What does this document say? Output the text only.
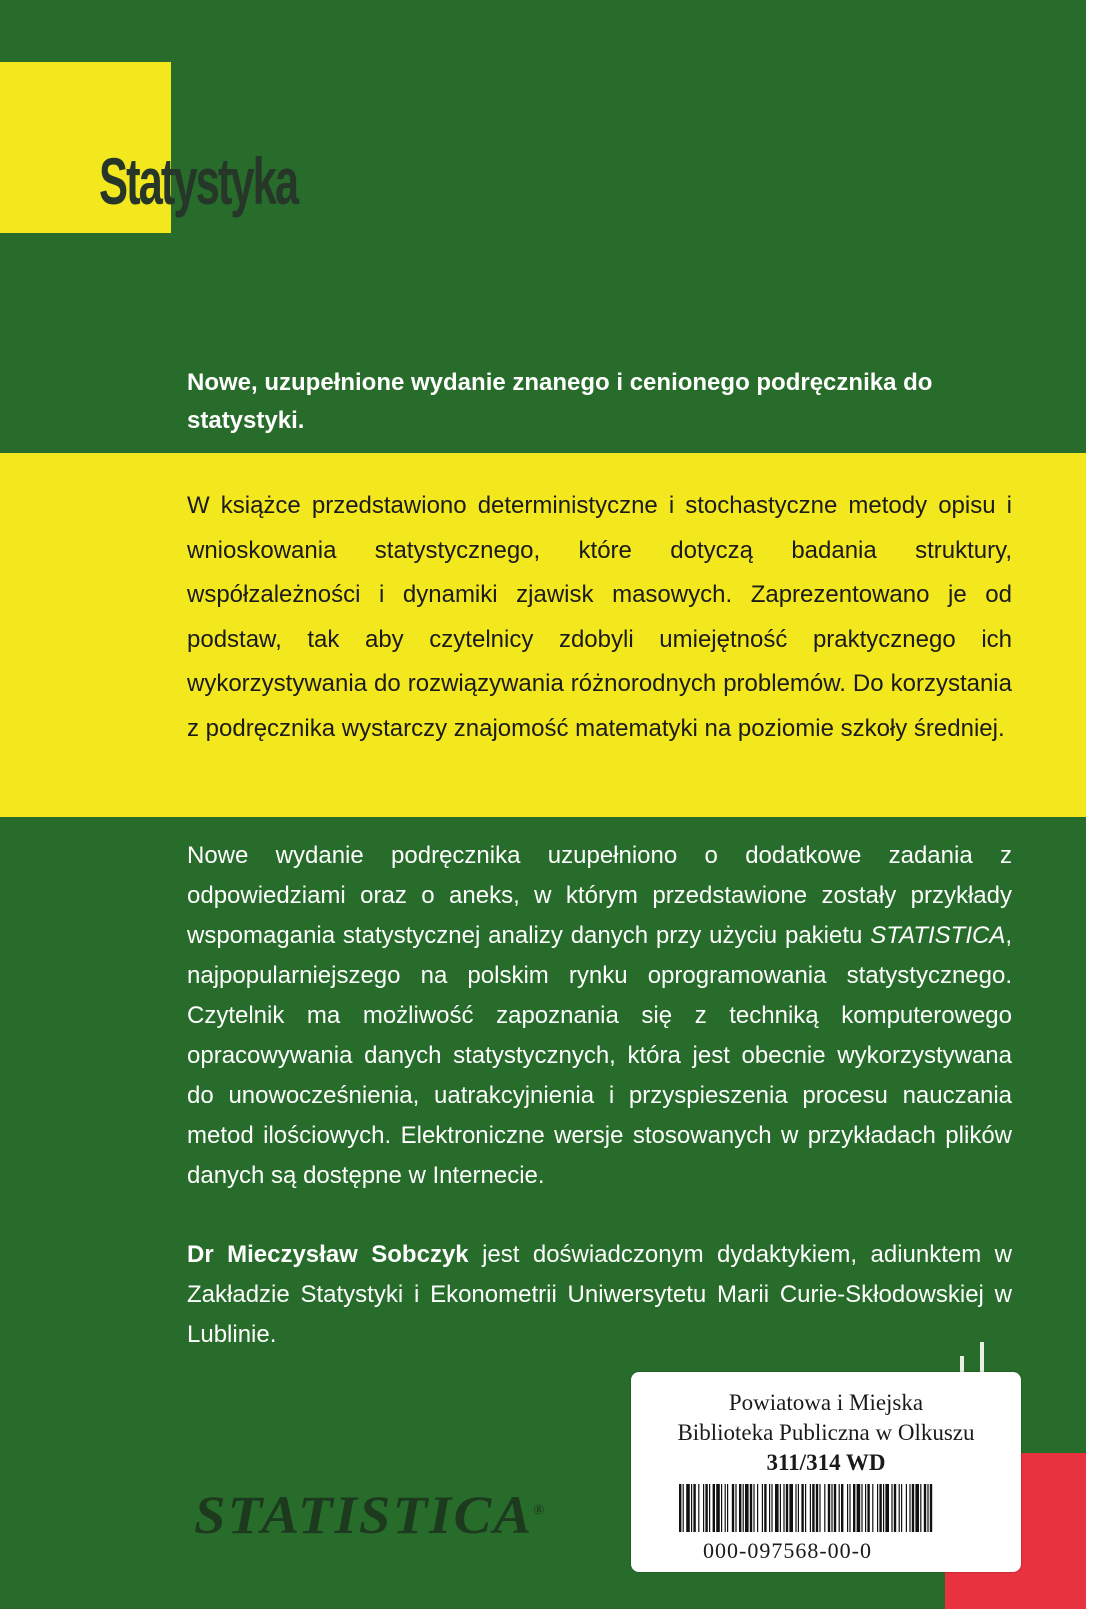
Statystyka
Nowe, uzupełnione wydanie znanego i cenionego podręcznika do statystyki.

W książce przedstawiono deterministyczne i stochastyczne metody opisu i wnioskowania statystycznego, które dotyczą badania struktury, współzależności i dynamiki zjawisk masowych. Zaprezentowano je od podstaw, tak aby czytelnicy zdobyli umiejętność praktycznego ich wykorzystywania do rozwiązywania różnorodnych problemów. Do korzystania z podręcznika wystarczy znajomość matematyki na poziomie szkoły średniej.

Nowe wydanie podręcznika uzupełniono o dodatkowe zadania z odpowiedziami oraz o aneks, w którym przedstawione zostały przykłady wspomagania statystycznej analizy danych przy użyciu pakietu STATISTICA, najpopularniejszego na polskim rynku oprogramowania statystycznego. Czytelnik ma możliwość zapoznania się z techniką komputerowego opracowywania danych statystycznych, która jest obecnie wykorzystywana do unowocześnienia, uatrakcyjnienia i przyspieszenia procesu nauczania metod ilościowych. Elektroniczne wersje stosowanych w przykładach plików danych są dostępne w Internecie.

Dr Mieczysław Sobczyk jest doświadczonym dydaktykiem, adiunktem w Zakładzie Statystyki i Ekonometrii Uniwersytetu Marii Curie-Skłodowskiej w Lublinie.

STATISTICA®
Powiatowa i Miejska
Biblioteka Publiczna w Olkuszu
311/314 WD
000-097568-00-0
